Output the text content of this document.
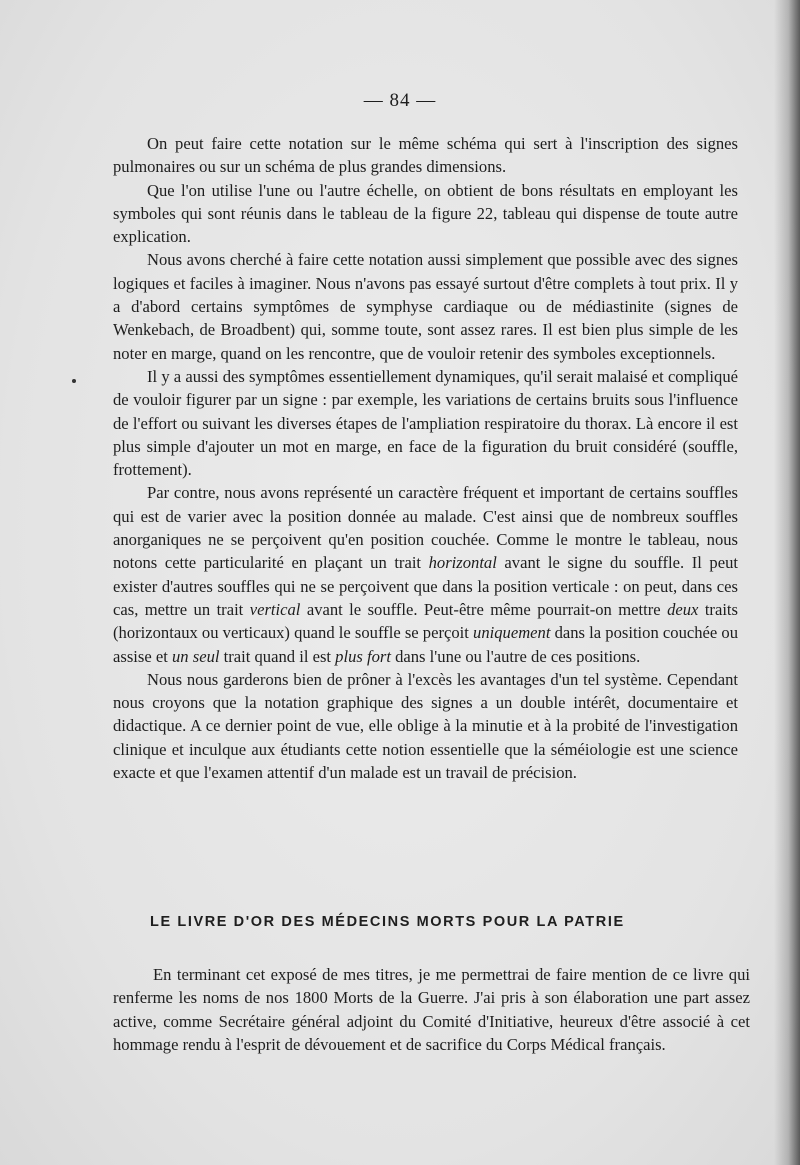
— 84 —

On peut faire cette notation sur le même schéma qui sert à l'inscription des signes pulmonaires ou sur un schéma de plus grandes dimensions.

Que l'on utilise l'une ou l'autre échelle, on obtient de bons résultats en employant les symboles qui sont réunis dans le tableau de la figure 22, tableau qui dispense de toute autre explication.

Nous avons cherché à faire cette notation aussi simplement que possible avec des signes logiques et faciles à imaginer. Nous n'avons pas essayé surtout d'être complets à tout prix. Il y a d'abord certains symptômes de symphyse cardiaque ou de médiastinite (signes de Wenkebach, de Broadbent) qui, somme toute, sont assez rares. Il est bien plus simple de les noter en marge, quand on les rencontre, que de vouloir retenir des symboles exceptionnels.

Il y a aussi des symptômes essentiellement dynamiques, qu'il serait malaisé et compliqué de vouloir figurer par un signe : par exemple, les variations de certains bruits sous l'influence de l'effort ou suivant les diverses étapes de l'ampliation respiratoire du thorax. Là encore il est plus simple d'ajouter un mot en marge, en face de la figuration du bruit considéré (souffle, frottement).

Par contre, nous avons représenté un caractère fréquent et important de certains souffles qui est de varier avec la position donnée au malade. C'est ainsi que de nombreux souffles anorganiques ne se perçoivent qu'en position couchée. Comme le montre le tableau, nous notons cette particularité en plaçant un trait horizontal avant le signe du souffle. Il peut exister d'autres souffles qui ne se perçoivent que dans la position verticale : on peut, dans ces cas, mettre un trait vertical avant le souffle. Peut-être même pourrait-on mettre deux traits (horizontaux ou verticaux) quand le souffle se perçoit uniquement dans la position couchée ou assise et un seul trait quand il est plus fort dans l'une ou l'autre de ces positions.

Nous nous garderons bien de prôner à l'excès les avantages d'un tel système. Cependant nous croyons que la notation graphique des signes a un double intérêt, documentaire et didactique. A ce dernier point de vue, elle oblige à la minutie et à la probité de l'investigation clinique et inculque aux étudiants cette notion essentielle que la séméiologie est une science exacte et que l'examen attentif d'un malade est un travail de précision.

LE LIVRE D'OR DES MÉDECINS MORTS POUR LA PATRIE

En terminant cet exposé de mes titres, je me permettrai de faire mention de ce livre qui renferme les noms de nos 1800 Morts de la Guerre. J'ai pris à son élaboration une part assez active, comme Secrétaire général adjoint du Comité d'Initiative, heureux d'être associé à cet hommage rendu à l'esprit de dévouement et de sacrifice du Corps Médical français.
